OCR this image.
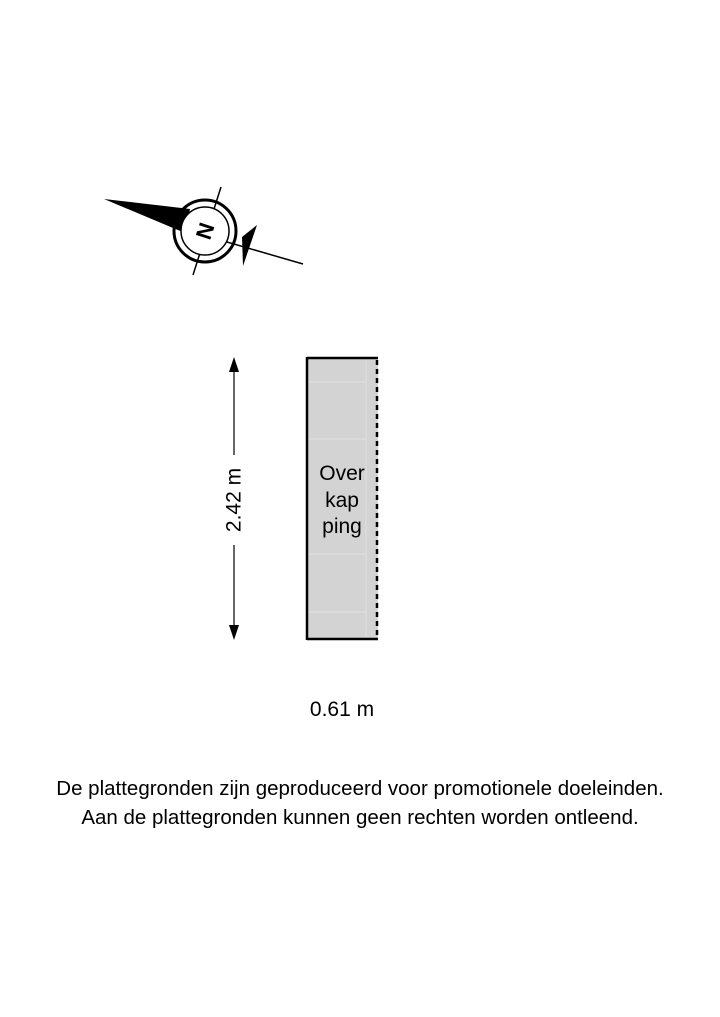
N
2.42 m	Over
kap
ping
0.61 m
De plattegronden zijn geproduceerd voor promotionele doeleinden.
Aan de plattegronden kunnen geen rechten worden ontleend.
